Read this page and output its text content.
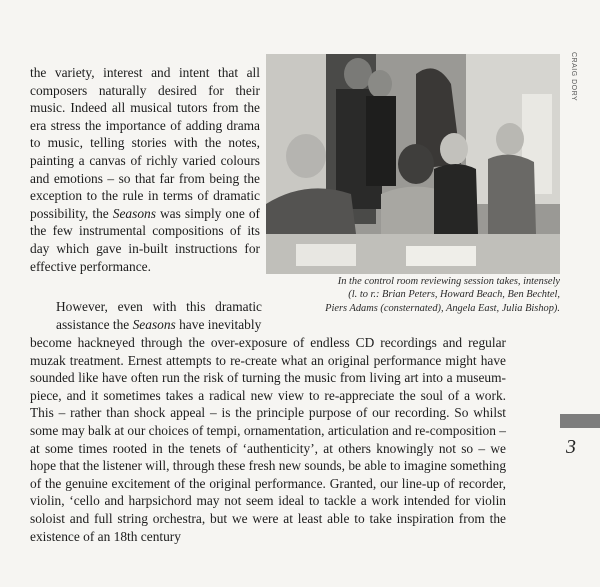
the variety, interest and intent that all composers naturally desired for their music. Indeed all musical tutors from the era stress the importance of adding drama to music, telling stories with the notes, painting a canvas of richly varied colours and emotions – so that far from being the exception to the rule in terms of dramatic possibility, the Seasons was simply one of the few instrumental compositions of its day which gave in-built instructions for effective performance.

CRAIG DORY
In the control room reviewing session takes, intensely
(l. to r.: Brian Peters, Howard Beach, Ben Bechtel,
Piers Adams (consternated), Angela East, Julia Bishop).

However, even with this dramatic assistance the Seasons have inevitably

become hackneyed through the over-exposure of endless CD recordings and regular muzak treatment. Ernest attempts to re-create what an original performance might have sounded like have often run the risk of turning the music from living art into a museum-piece, and it sometimes takes a radical new view to re-appreciate the soul of a work. This – rather than shock appeal – is the principle purpose of our recording. So whilst some may balk at our choices of tempi, ornamentation, articulation and re-composition – at some times rooted in the tenets of ‘authenticity’, at others knowingly not so – we hope that the listener will, through these fresh new sounds, be able to imagine something of the genuine excitement of the original performance. Granted, our line-up of recorder, violin, ‘cello and harpsichord may not seem ideal to tackle a work intended for violin soloist and full string orchestra, but we were at least able to take inspiration from the existence of an 18th century

3
